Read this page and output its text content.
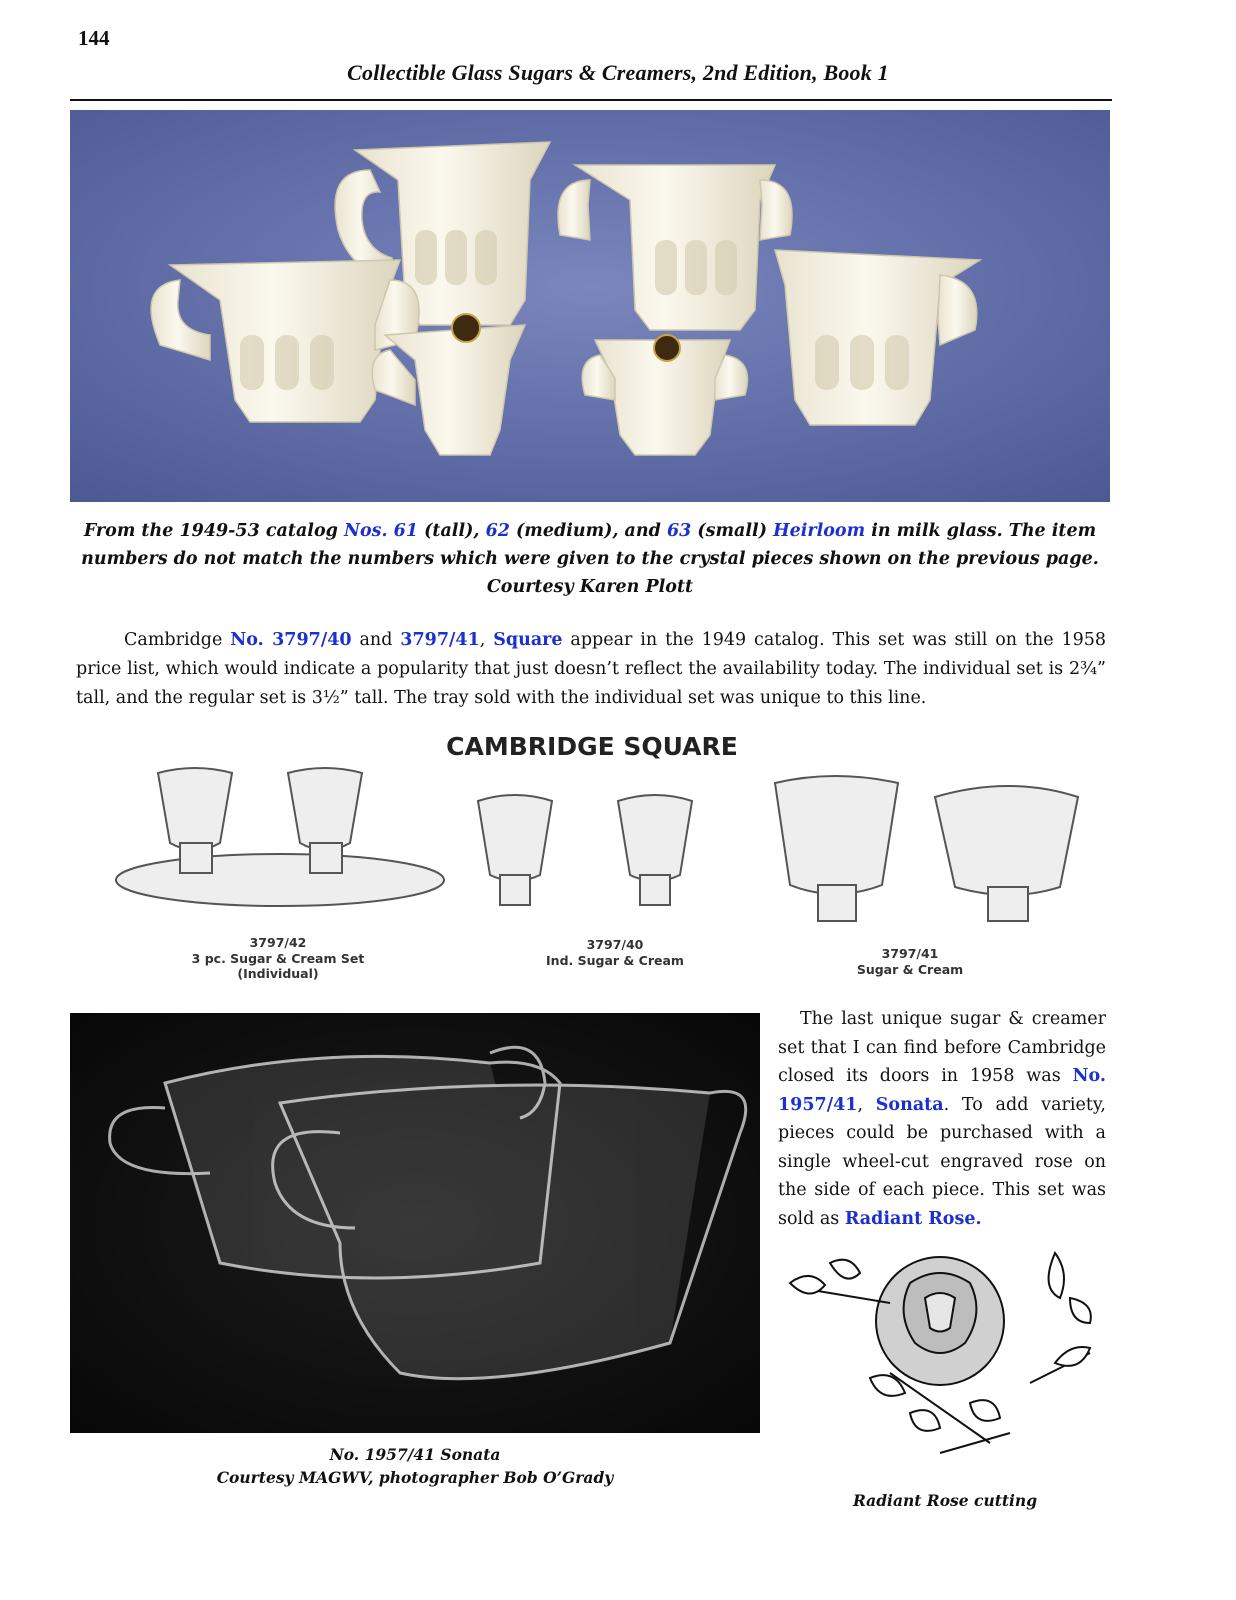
144
Collectible Glass Sugars & Creamers, 2nd Edition, Book 1
From the 1949-53 catalog Nos. 61 (tall), 62 (medium), and 63 (small) Heirloom in milk glass. The item numbers do not match the numbers which were given to the crystal pieces shown on the previous page.
Courtesy Karen Plott
Cambridge No. 3797/40 and 3797/41, Square appear in the 1949 catalog. This set was still on the 1958 price list, which would indicate a popularity that just doesn’t reflect the availability today. The individual set is 2¾” tall, and the regular set is 3½” tall. The tray sold with the individual set was unique to this line.
CAMBRIDGE SQUARE
3797/42
3 pc. Sugar & Cream Set
(Individual)
3797/40
Ind. Sugar & Cream	3797/41
Sugar & Cream
The last unique sugar & creamer set that I can find before Cambridge closed its doors in 1958 was No. 1957/41, Sonata. To add variety, pieces could be purchased with a single wheel-cut engraved rose on the side of each piece. This set was sold as Radiant Rose.
No. 1957/41 Sonata
Courtesy MAGWV, photographer Bob O’Grady
Radiant Rose cutting
